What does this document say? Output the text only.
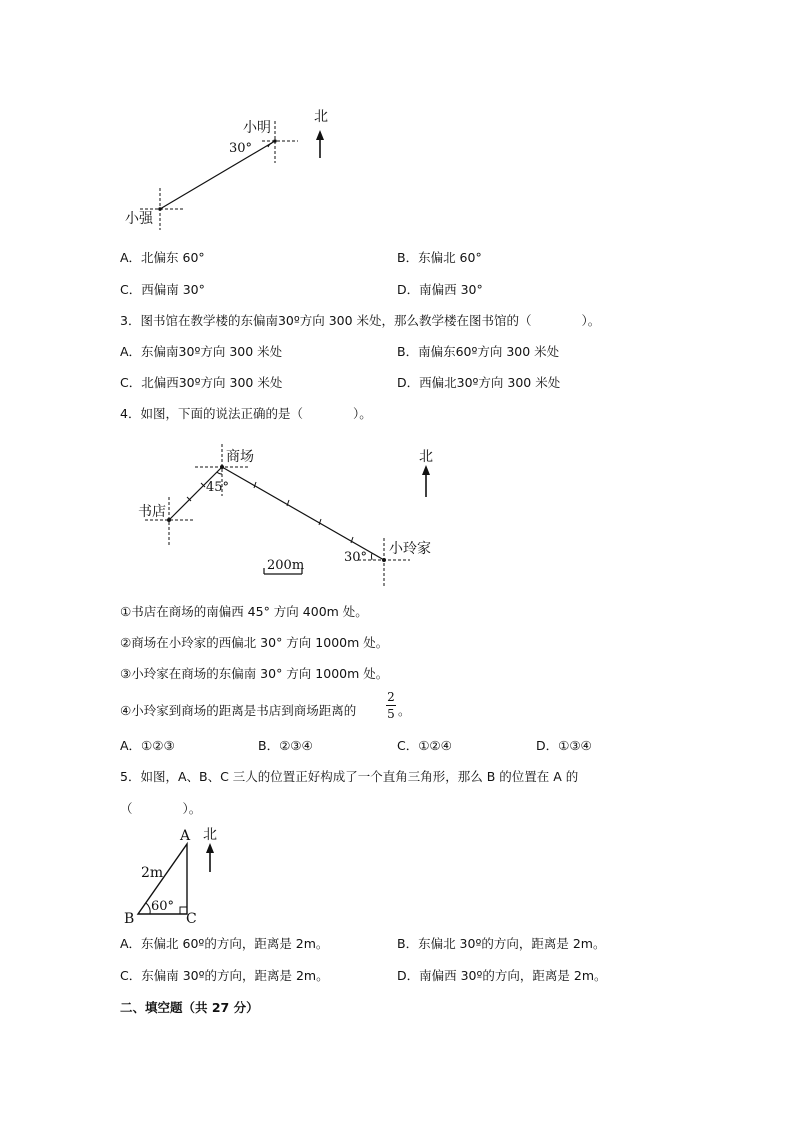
北
小明
30°
小强
A．北偏东 60°	B．东偏北 60°
C．西偏南 30°	D．南偏西 30°
3．图书馆在教学楼的东偏南30º方向 300 米处，那么教学楼在图书馆的（　　　　）。
A．东偏南30º方向 300 米处	B．南偏东60º方向 300 米处
C．北偏西30º方向 300 米处	D．西偏北30º方向 300 米处
4．如图，下面的说法正确的是（　　　　）。
商场
书店
小玲家
北
45°
30°
200m
①书店在商场的南偏西 45° 方向 400m 处。
②商场在小玲家的西偏北 30° 方向 1000m 处。
③小玲家在商场的东偏南 30° 方向 1000m 处。
④小玲家到商场的距离是书店到商场距离的
2
5 。
A．①②③	B．②③④	C．①②④	D．①③④
5．如图，A、B、C 三人的位置正好构成了一个直角三角形，那么 B 的位置在 A 的
（　　　　）。
A
B	C
北
2m
60°
A．东偏北 60º的方向，距离是 2m。	B．东偏北 30º的方向，距离是 2m。
C．东偏南 30º的方向，距离是 2m。	D．南偏西 30º的方向，距离是 2m。
二、填空题（共 27 分）
